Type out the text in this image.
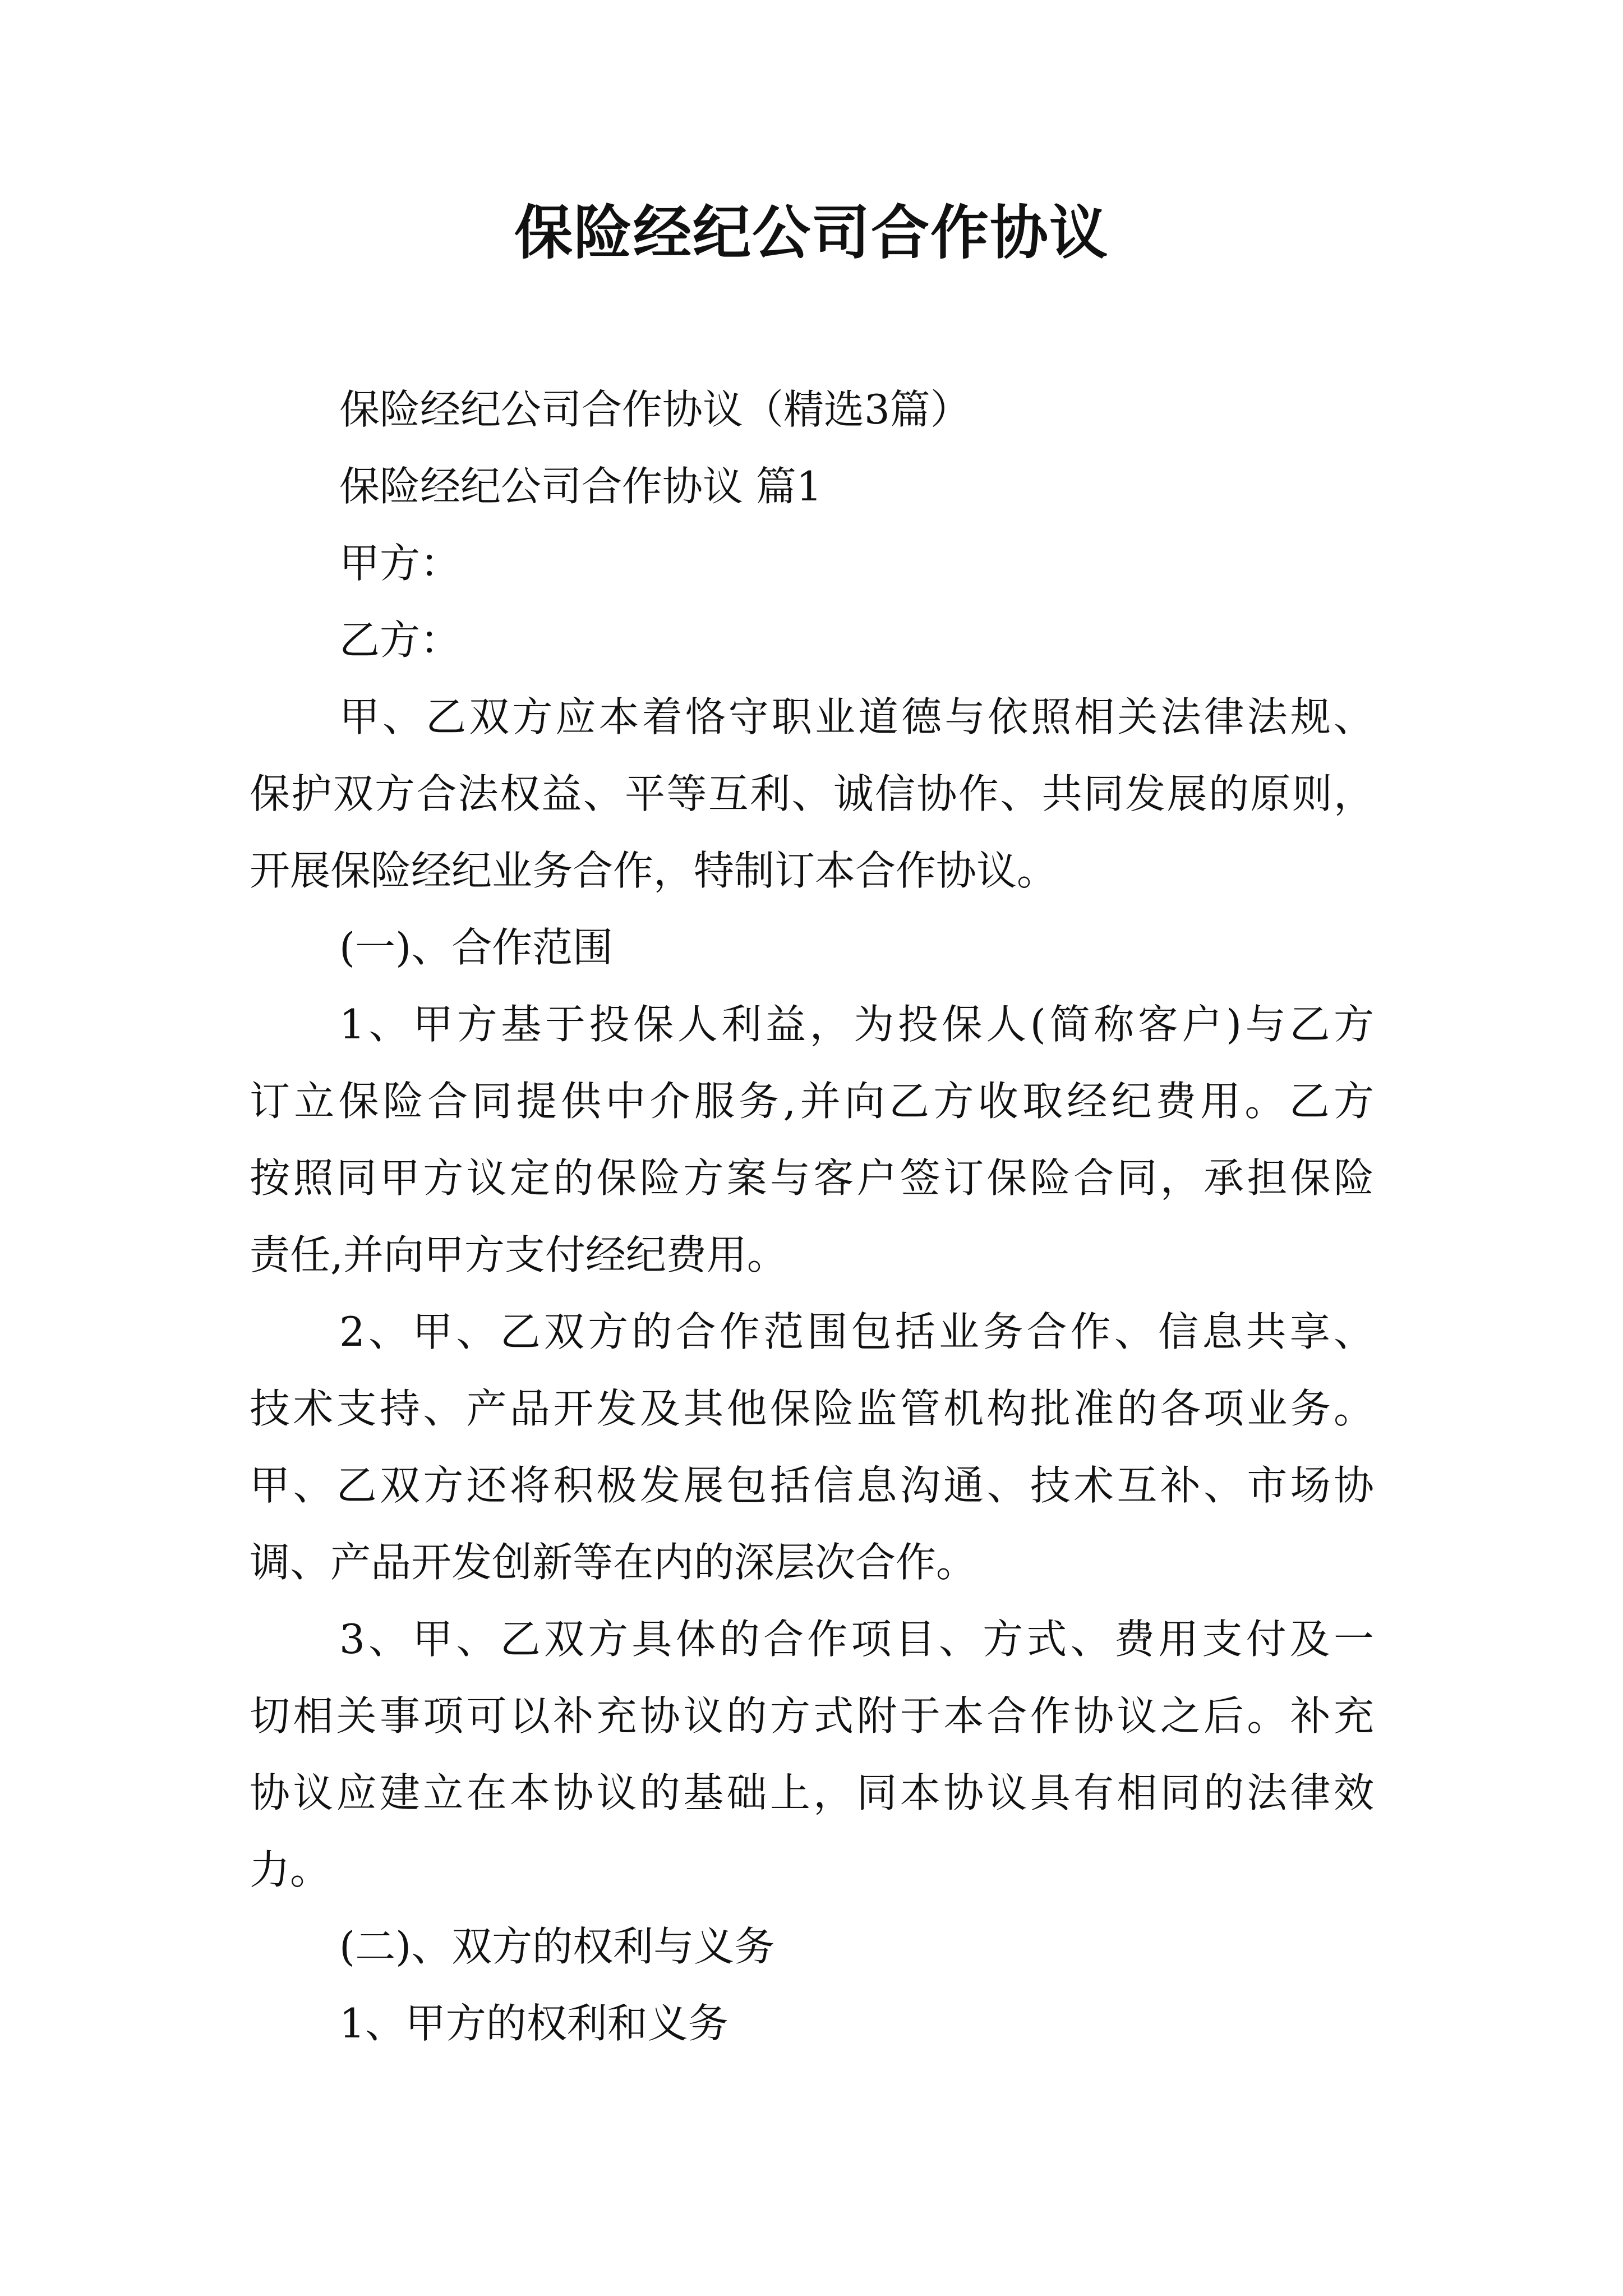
保险经纪公司合作协议

保险经纪公司合作协议（精选3篇）

保险经纪公司合作协议 篇1

甲方：

乙方：

甲、乙双方应本着恪守职业道德与依照相关法律法规、

保护双方合法权益、平等互利、诚信协作、共同发展的原则，

开展保险经纪业务合作，特制订本合作协议。

(一)、合作范围

1、甲方基于投保人利益，为投保人(简称客户)与乙方

订立保险合同提供中介服务,并向乙方收取经纪费用。乙方

按照同甲方议定的保险方案与客户签订保险合同，承担保险

责任,并向甲方支付经纪费用。

2、甲、乙双方的合作范围包括业务合作、信息共享、

技术支持、产品开发及其他保险监管机构批准的各项业务。

甲、乙双方还将积极发展包括信息沟通、技术互补、市场协

调、产品开发创新等在内的深层次合作。

3、甲、乙双方具体的合作项目、方式、费用支付及一

切相关事项可以补充协议的方式附于本合作协议之后。补充

协议应建立在本协议的基础上，同本协议具有相同的法律效

力。

(二)、双方的权利与义务

1、甲方的权利和义务
